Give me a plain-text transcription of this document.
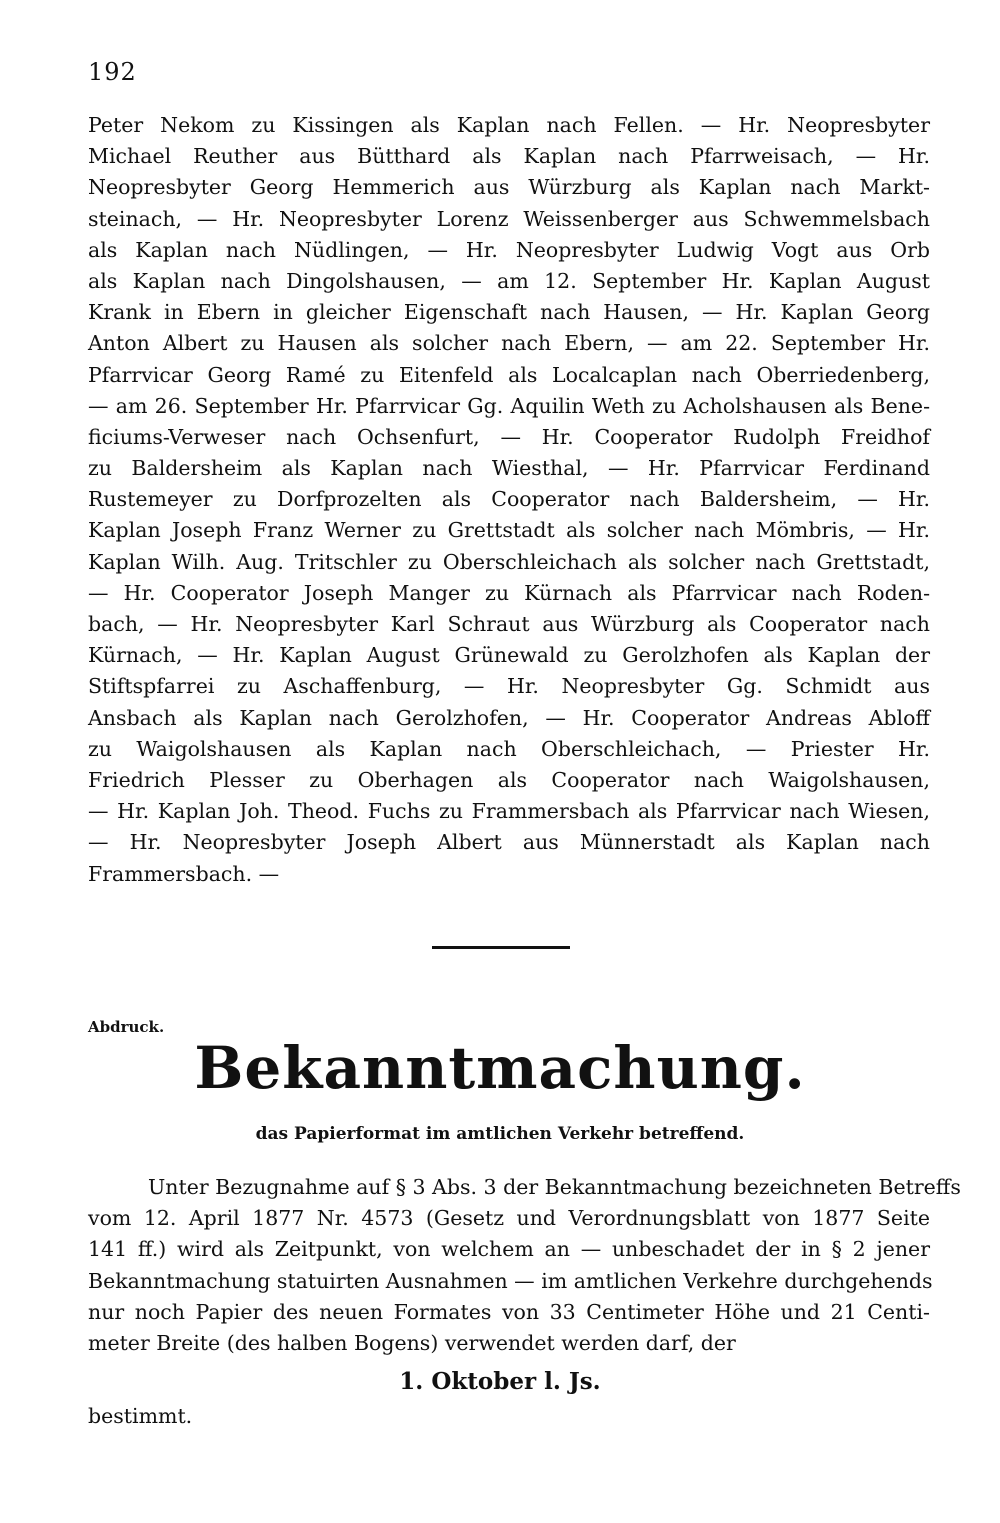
192
Peter Nekom zu Kissingen als Kaplan nach Fellen. — Hr. Neopresbyter
Michael Reuther aus Bütthard als Kaplan nach Pfarrweisach, — Hr.
Neopresbyter Georg Hemmerich aus Würzburg als Kaplan nach Markt-
steinach, — Hr. Neopresbyter Lorenz Weissenberger aus Schwemmelsbach
als Kaplan nach Nüdlingen, — Hr. Neopresbyter Ludwig Vogt aus Orb
als Kaplan nach Dingolshausen, — am 12. September Hr. Kaplan August
Krank in Ebern in gleicher Eigenschaft nach Hausen, — Hr. Kaplan Georg
Anton Albert zu Hausen als solcher nach Ebern, — am 22. September Hr.
Pfarrvicar Georg Ramé zu Eitenfeld als Localcaplan nach Oberriedenberg,
— am 26. September Hr. Pfarrvicar Gg. Aquilin Weth zu Acholshausen als Bene-
ficiums-Verweser nach Ochsenfurt, — Hr. Cooperator Rudolph Freidhof
zu Baldersheim als Kaplan nach Wiesthal, — Hr. Pfarrvicar Ferdinand
Rustemeyer zu Dorfprozelten als Cooperator nach Baldersheim, — Hr.
Kaplan Joseph Franz Werner zu Grettstadt als solcher nach Mömbris, — Hr.
Kaplan Wilh. Aug. Tritschler zu Oberschleichach als solcher nach Grettstadt,
— Hr. Cooperator Joseph Manger zu Kürnach als Pfarrvicar nach Roden-
bach, — Hr. Neopresbyter Karl Schraut aus Würzburg als Cooperator nach
Kürnach, — Hr. Kaplan August Grünewald zu Gerolzhofen als Kaplan der
Stiftspfarrei zu Aschaffenburg, — Hr. Neopresbyter Gg. Schmidt aus
Ansbach als Kaplan nach Gerolzhofen, — Hr. Cooperator Andreas Abloff
zu Waigolshausen als Kaplan nach Oberschleichach, — Priester Hr.
Friedrich Plesser zu Oberhagen als Cooperator nach Waigolshausen,
— Hr. Kaplan Joh. Theod. Fuchs zu Frammersbach als Pfarrvicar nach Wiesen,
— Hr. Neopresbyter Joseph Albert aus Münnerstadt als Kaplan nach
Frammersbach. —
Abdruck.
Bekanntmachung.
das Papierformat im amtlichen Verkehr betreffend.
Unter Bezugnahme auf § 3 Abs. 3 der Bekanntmachung bezeichneten Betreffs
vom 12. April 1877 Nr. 4573 (Gesetz und Verordnungsblatt von 1877 Seite
141 ff.) wird als Zeitpunkt, von welchem an — unbeschadet der in § 2 jener
Bekanntmachung statuirten Ausnahmen — im amtlichen Verkehre durchgehends
nur noch Papier des neuen Formates von 33 Centimeter Höhe und 21 Centi-
meter Breite (des halben Bogens) verwendet werden darf, der
1. Oktober l. Js.
bestimmt.
